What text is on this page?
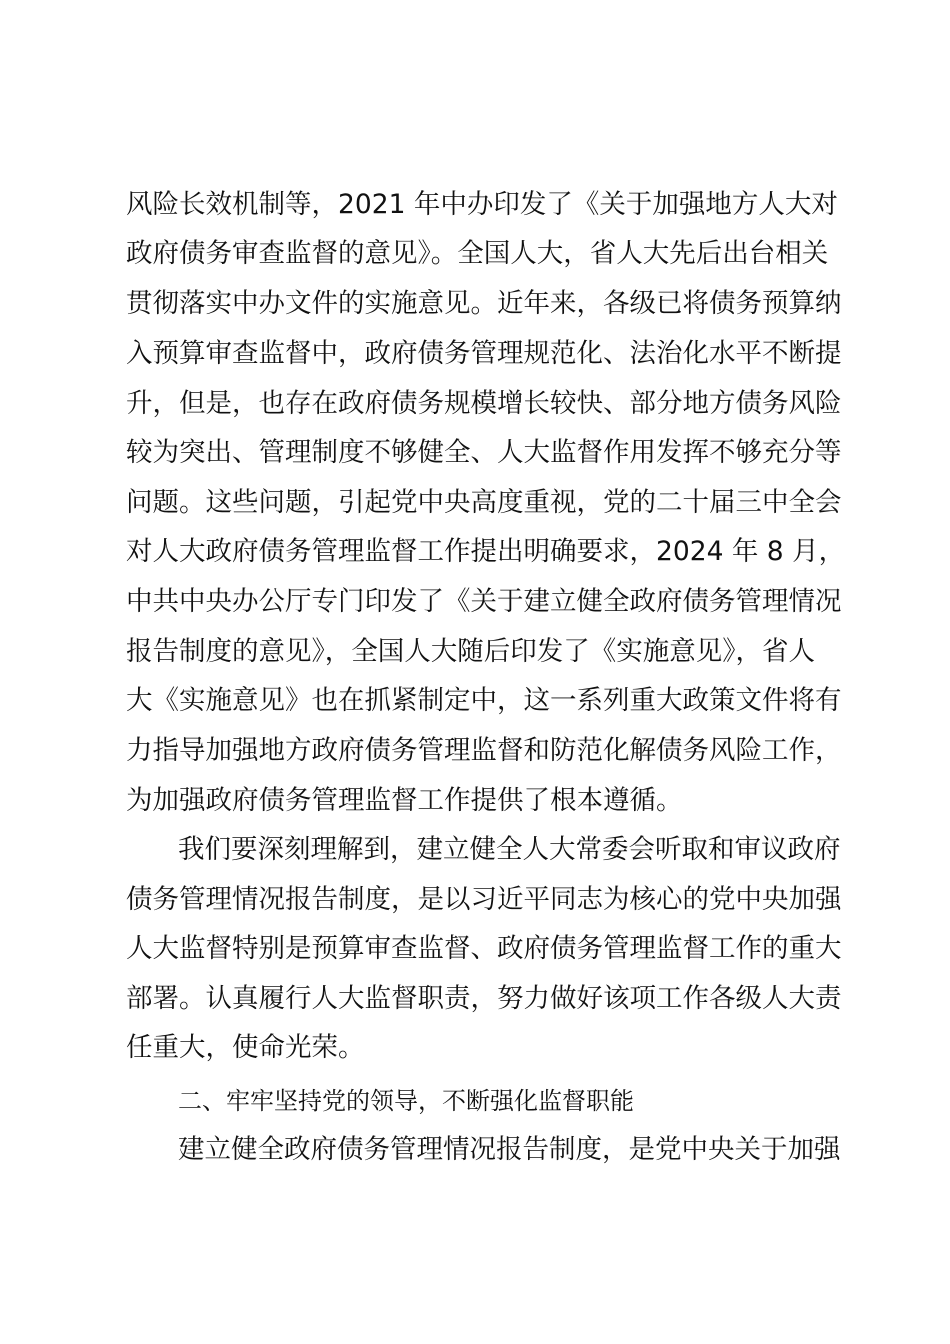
风险长效机制等，2021 年中办印发了《关于加强地方人大对
政府债务审查监督的意见》。全国人大，省人大先后出台相关
贯彻落实中办文件的实施意见。近年来，各级已将债务预算纳
入预算审查监督中，政府债务管理规范化、法治化水平不断提
升，但是，也存在政府债务规模增长较快、部分地方债务风险
较为突出、管理制度不够健全、人大监督作用发挥不够充分等
问题。这些问题，引起党中央高度重视，党的二十届三中全会
对人大政府债务管理监督工作提出明确要求，2024 年 8 月，
中共中央办公厅专门印发了《关于建立健全政府债务管理情况
报告制度的意见》，全国人大随后印发了《实施意见》，省人
大《实施意见》也在抓紧制定中，这一系列重大政策文件将有
力指导加强地方政府债务管理监督和防范化解债务风险工作，
为加强政府债务管理监督工作提供了根本遵循。
我们要深刻理解到，建立健全人大常委会听取和审议政府
债务管理情况报告制度，是以习近平同志为核心的党中央加强
人大监督特别是预算审查监督、政府债务管理监督工作的重大
部署。认真履行人大监督职责，努力做好该项工作各级人大责
任重大，使命光荣。
二、牢牢坚持党的领导，不断强化监督职能
建立健全政府债务管理情况报告制度，是党中央关于加强
